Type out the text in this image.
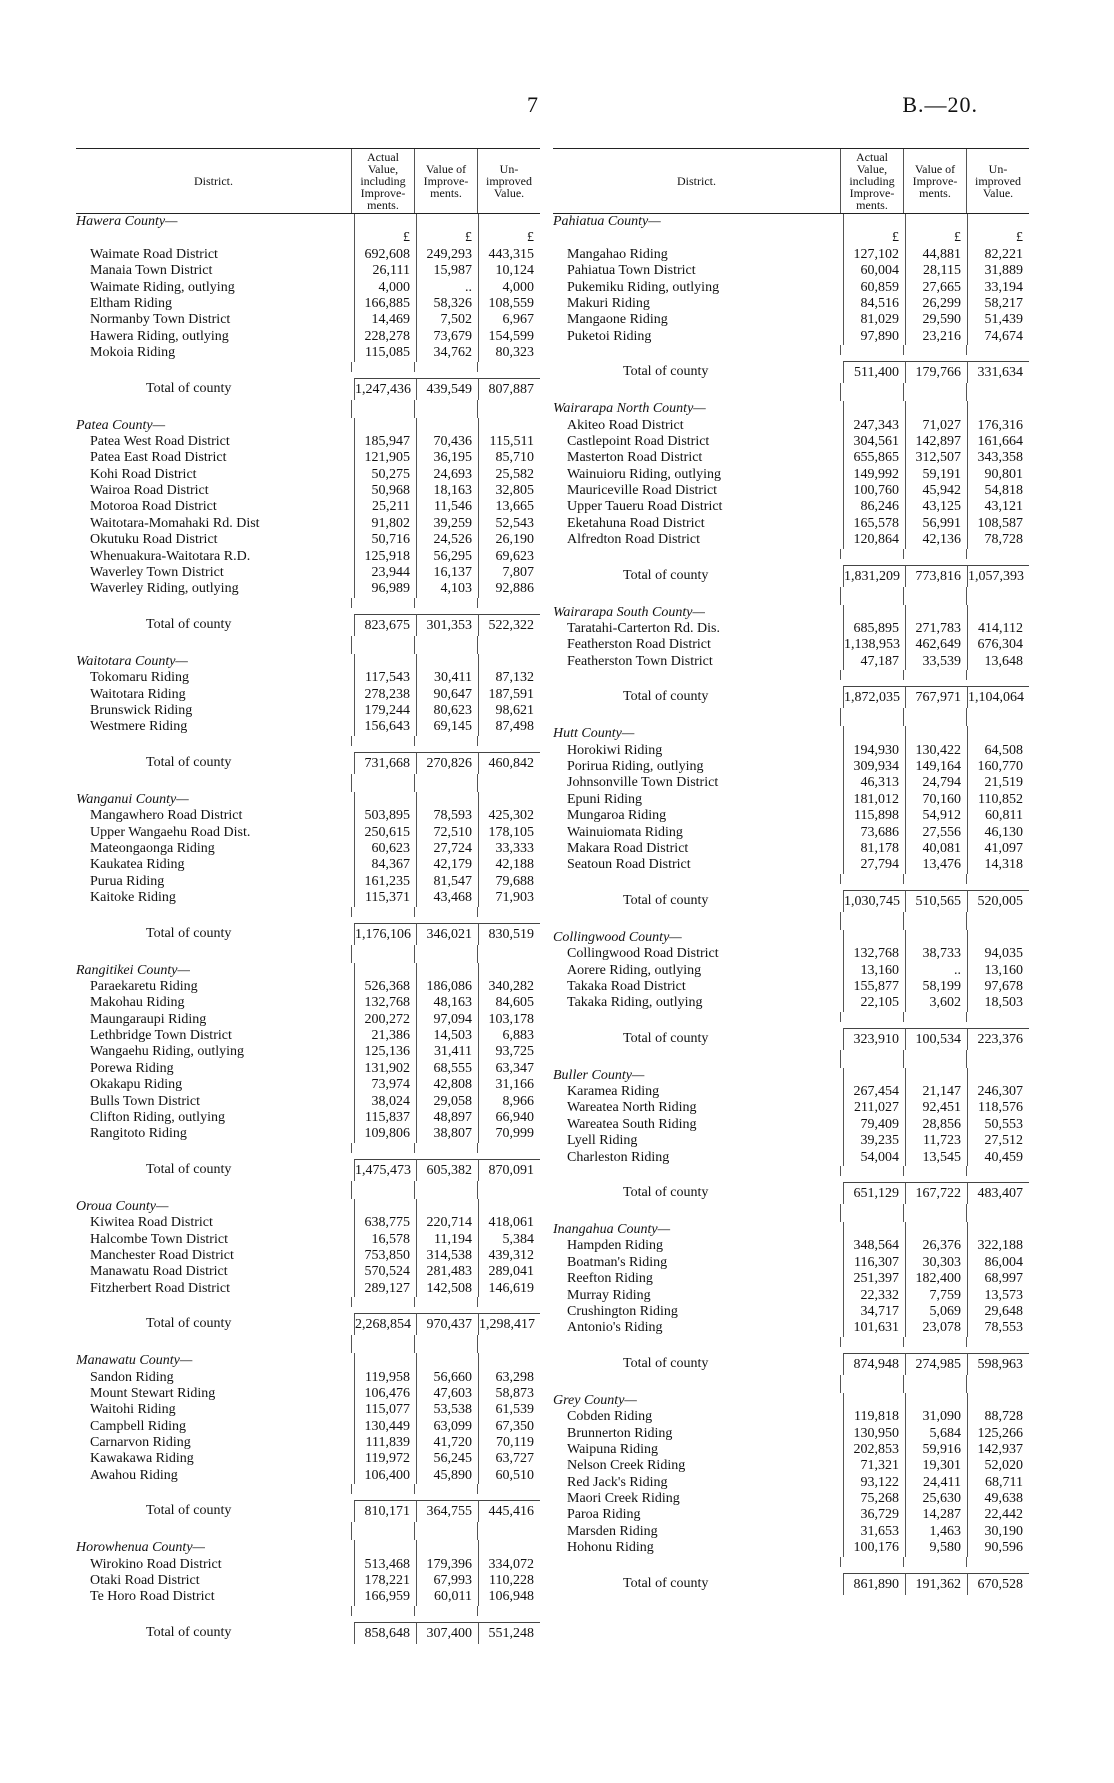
7	B.—20.
District.
Actual Value, including Improve- ments.
Value of Improve- ments.
Un- improved Value.
Hawera County—
£	£	£
Waimate Road District	692,608	249,293	443,315
Manaia Town District	26,111	15,987	10,124
Waimate Riding, outlying	4,000	..	4,000
Eltham Riding	166,885	58,326	108,559
Normanby Town District	14,469	7,502	6,967
Hawera Riding, outlying	228,278	73,679	154,599
Mokoia Riding	115,085	34,762	80,323
Total of county	1,247,436	439,549	807,887
Patea County—
Patea West Road District	185,947	70,436	115,511
Patea East Road District	121,905	36,195	85,710
Kohi Road District	50,275	24,693	25,582
Wairoa Road District	50,968	18,163	32,805
Motoroa Road District	25,211	11,546	13,665
Waitotara-Momahaki Rd. Dist	91,802	39,259	52,543
Okutuku Road District	50,716	24,526	26,190
Whenuakura-Waitotara R.D.	125,918	56,295	69,623
Waverley Town District	23,944	16,137	7,807
Waverley Riding, outlying	96,989	4,103	92,886
Total of county	823,675	301,353	522,322
Waitotara County—
Tokomaru Riding	117,543	30,411	87,132
Waitotara Riding	278,238	90,647	187,591
Brunswick Riding	179,244	80,623	98,621
Westmere Riding	156,643	69,145	87,498
Total of county	731,668	270,826	460,842
Wanganui County—
Mangawhero Road District	503,895	78,593	425,302
Upper Wangaehu Road Dist.	250,615	72,510	178,105
Mateongaonga Riding	60,623	27,724	33,333
Kaukatea Riding	84,367	42,179	42,188
Purua Riding	161,235	81,547	79,688
Kaitoke Riding	115,371	43,468	71,903
Total of county	1,176,106	346,021	830,519
Rangitikei County—
Paraekaretu Riding	526,368	186,086	340,282
Makohau Riding	132,768	48,163	84,605
Maungaraupi Riding	200,272	97,094	103,178
Lethbridge Town District	21,386	14,503	6,883
Wangaehu Riding, outlying	125,136	31,411	93,725
Porewa Riding	131,902	68,555	63,347
Okakapu Riding	73,974	42,808	31,166
Bulls Town District	38,024	29,058	8,966
Clifton Riding, outlying	115,837	48,897	66,940
Rangitoto Riding	109,806	38,807	70,999
Total of county	1,475,473	605,382	870,091
Oroua County—
Kiwitea Road District	638,775	220,714	418,061
Halcombe Town District	16,578	11,194	5,384
Manchester Road District	753,850	314,538	439,312
Manawatu Road District	570,524	281,483	289,041
Fitzherbert Road District	289,127	142,508	146,619
Total of county	2,268,854	970,437 1,298,417
Manawatu County—
Sandon Riding	119,958	56,660	63,298
Mount Stewart Riding	106,476	47,603	58,873
Waitohi Riding	115,077	53,538	61,539
Campbell Riding	130,449	63,099	67,350
Carnarvon Riding	111,839	41,720	70,119
Kawakawa Riding	119,972	56,245	63,727
Awahou Riding	106,400	45,890	60,510
Total of county	810,171	364,755	445,416
Horowhenua County—
Wirokino Road District	513,468	179,396	334,072
Otaki Road District	178,221	67,993	110,228
Te Horo Road District	166,959	60,011	106,948
Total of county	858,648	307,400	551,248
District.
Actual Value, including Improve- ments.
Value of Improve- ments.
Un- improved Value.
Pahiatua County—
£	£	£
Mangahao Riding	127,102	44,881	82,221
Pahiatua Town District	60,004	28,115	31,889
Pukemiku Riding, outlying	60,859	27,665	33,194
Makuri Riding	84,516	26,299	58,217
Mangaone Riding	81,029	29,590	51,439
Puketoi Riding	97,890	23,216	74,674
Total of county	511,400	179,766	331,634
Wairarapa North County—
Akiteo Road District	247,343	71,027	176,316
Castlepoint Road District	304,561	142,897	161,664
Masterton Road District	655,865	312,507	343,358
Wainuioru Riding, outlying	149,992	59,191	90,801
Mauriceville Road District	100,760	45,942	54,818
Upper Taueru Road District	86,246	43,125	43,121
Eketahuna Road District	165,578	56,991	108,587
Alfredton Road District	120,864	42,136	78,728
Total of county	1,831,209	773,816 1,057,393
Wairarapa South County—
Taratahi-Carterton Rd. Dis.	685,895	271,783	414,112
Featherston Road District	1,138,953	462,649	676,304
Featherston Town District	47,187	33,539	13,648
Total of county	1,872,035	767,971 1,104,064
Hutt County—
Horokiwi Riding	194,930	130,422	64,508
Porirua Riding, outlying	309,934	149,164	160,770
Johnsonville Town District	46,313	24,794	21,519
Epuni Riding	181,012	70,160	110,852
Mungaroa Riding	115,898	54,912	60,811
Wainuiomata Riding	73,686	27,556	46,130
Makara Road District	81,178	40,081	41,097
Seatoun Road District	27,794	13,476	14,318
Total of county	1,030,745	510,565	520,005
Collingwood County—
Collingwood Road District	132,768	38,733	94,035
Aorere Riding, outlying	13,160	..	13,160
Takaka Road District	155,877	58,199	97,678
Takaka Riding, outlying	22,105	3,602	18,503
Total of county	323,910	100,534	223,376
Buller County—
Karamea Riding	267,454	21,147	246,307
Wareatea North Riding	211,027	92,451	118,576
Wareatea South Riding	79,409	28,856	50,553
Lyell Riding	39,235	11,723	27,512
Charleston Riding	54,004	13,545	40,459
Total of county	651,129	167,722	483,407
Inangahua County—
Hampden Riding	348,564	26,376	322,188
Boatman's Riding	116,307	30,303	86,004
Reefton Riding	251,397	182,400	68,997
Murray Riding	22,332	7,759	13,573
Crushington Riding	34,717	5,069	29,648
Antonio's Riding	101,631	23,078	78,553
Total of county	874,948	274,985	598,963
Grey County—
Cobden Riding	119,818	31,090	88,728
Brunnerton Riding	130,950	5,684	125,266
Waipuna Riding	202,853	59,916	142,937
Nelson Creek Riding	71,321	19,301	52,020
Red Jack's Riding	93,122	24,411	68,711
Maori Creek Riding	75,268	25,630	49,638
Paroa Riding	36,729	14,287	22,442
Marsden Riding	31,653	1,463	30,190
Hohonu Riding	100,176	9,580	90,596
Total of county	861,890	191,362	670,528
